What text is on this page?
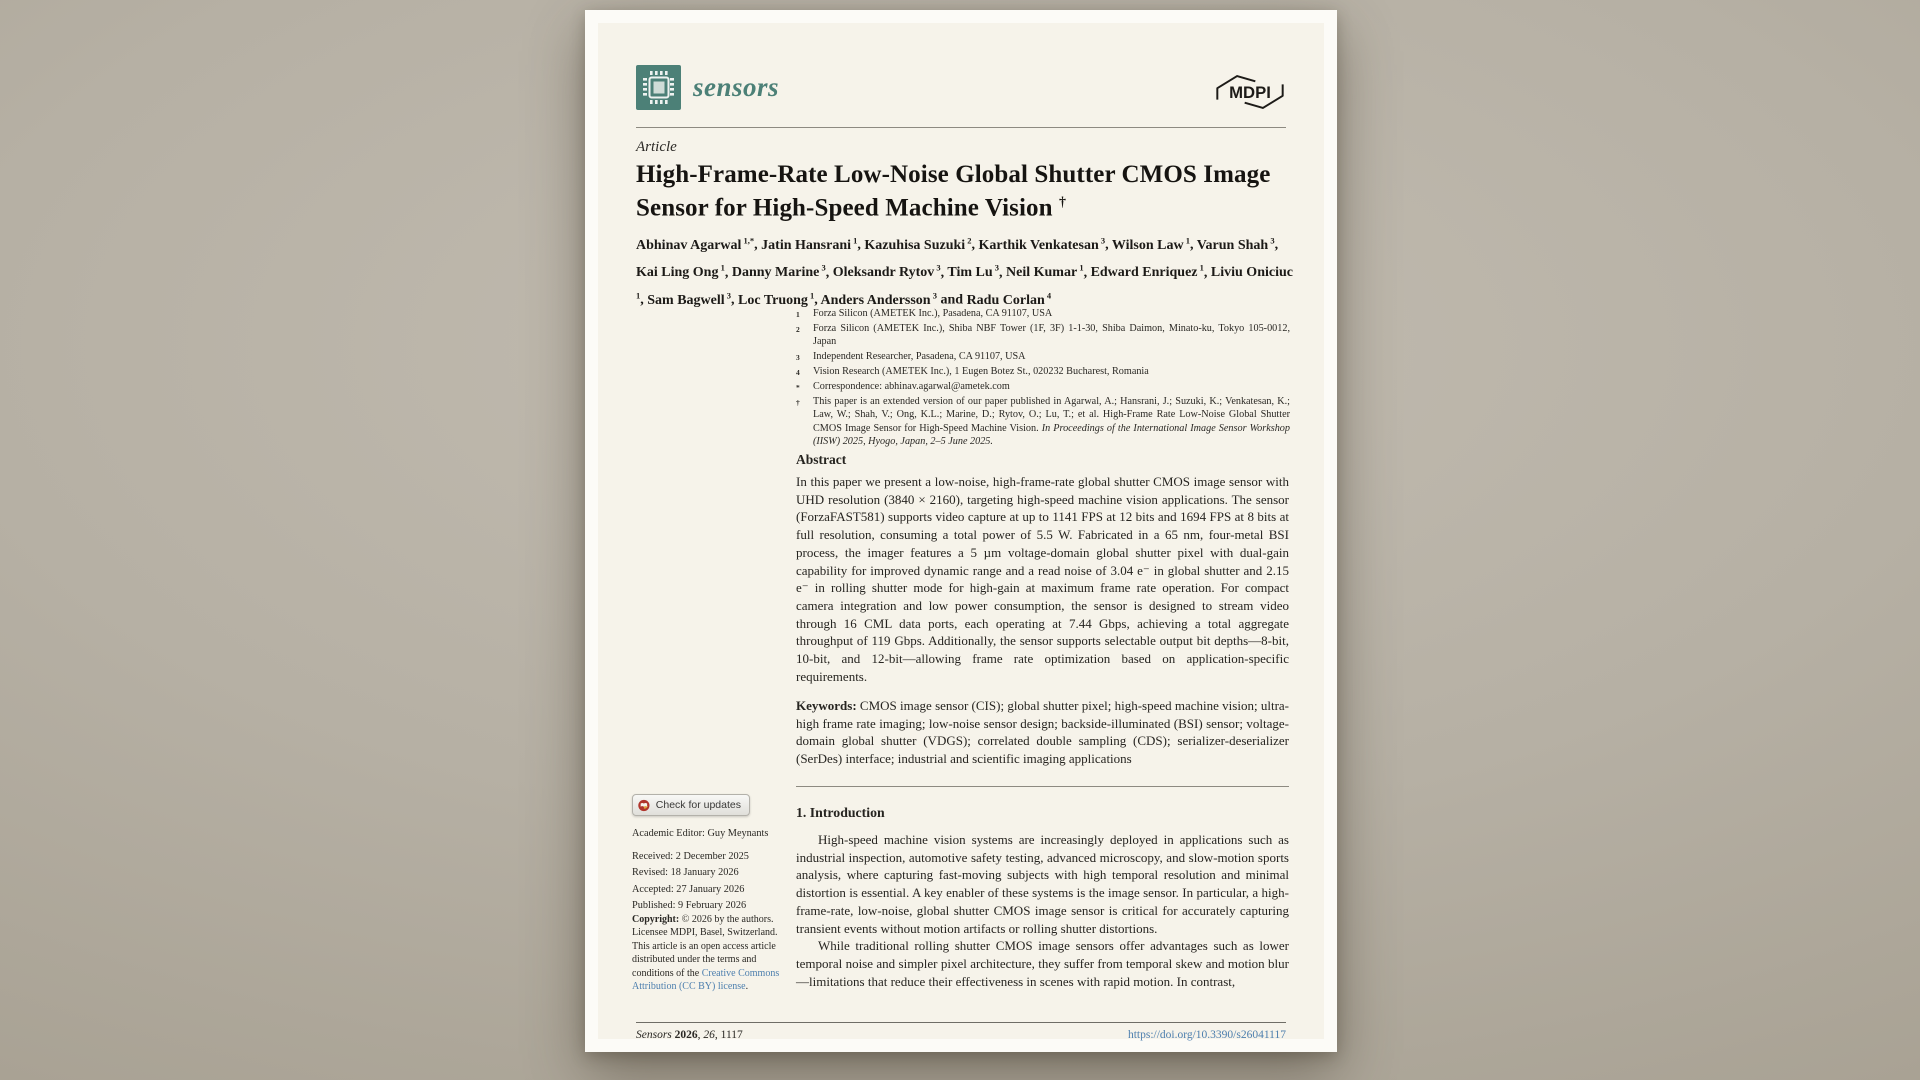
sensors	MDPI
Article
High-Frame-Rate Low-Noise Global Shutter CMOS Image Sensor for High-Speed Machine Vision †
Abhinav Agarwal $^{1,*}$, Jatin Hansrani $^1$, Kazuhisa Suzuki $^2$, Karthik Venkatesan $^3$, Wilson Law $^1$, Varun Shah $^3$, Kai Ling Ong $^1$, Danny Marine $^3$, Oleksandr Rytov $^3$, Tim Lu $^3$, Neil Kumar $^1$, Edward Enriquez $^1$, Liviu Oniciuc $^1$, Sam Bagwell $^3$, Loc Truong $^1$, Anders Andersson $^3$ and Radu Corlan $^4$
1	Forza Silicon (AMETEK Inc.), Pasadena, CA 91107, USA
2	Forza Silicon (AMETEK Inc.), Shiba NBF Tower (1F, 3F) 1-1-30, Shiba Daimon, Minato-ku, Tokyo 105-0012, Japan
3	Independent Researcher, Pasadena, CA 91107, USA
4	Vision Research (AMETEK Inc.), 1 Eugen Botez St., 020232 Bucharest, Romania
*	Correspondence: abhinav.agarwal@ametek.com
†	This paper is an extended version of our paper published in Agarwal, A.; Hansrani, J.; Suzuki, K.; Venkatesan, K.; Law, W.; Shah, V.; Ong, K.L.; Marine, D.; Rytov, O.; Lu, T.; et al. High-Frame Rate Low-Noise Global Shutter CMOS Image Sensor for High-Speed Machine Vision. In Proceedings of the International Image Sensor Workshop (IISW) 2025, Hyogo, Japan, 2–5 June 2025.
Abstract
In this paper we present a low-noise, high-frame-rate global shutter CMOS image sensor with UHD resolution (3840 × 2160), targeting high-speed machine vision applications. The sensor (ForzaFAST581) supports video capture at up to 1141 FPS at 12 bits and 1694 FPS at 8 bits at full resolution, consuming a total power of 5.5 W. Fabricated in a 65 nm, four-metal BSI process, the imager features a 5 µm voltage-domain global shutter pixel with dual-gain capability for improved dynamic range and a read noise of 3.04 e⁻ in global shutter and 2.15 e⁻ in rolling shutter mode for high-gain at maximum frame rate operation. For compact camera integration and low power consumption, the sensor is designed to stream video through 16 CML data ports, each operating at 7.44 Gbps, achieving a total aggregate throughput of 119 Gbps. Additionally, the sensor supports selectable output bit depths—8-bit, 10-bit, and 12-bit—allowing frame rate optimization based on application-specific requirements.
Keywords: CMOS image sensor (CIS); global shutter pixel; high-speed machine vision; ultra-high frame rate imaging; low-noise sensor design; backside-illuminated (BSI) sensor; voltage-domain global shutter (VDGS); correlated double sampling (CDS); serializer-deserializer (SerDes) interface; industrial and scientific imaging applications
1. Introduction

High-speed machine vision systems are increasingly deployed in applications such as industrial inspection, automotive safety testing, advanced microscopy, and slow-motion sports analysis, where capturing fast-moving subjects with high temporal resolution and minimal distortion is essential. A key enabler of these systems is the image sensor. In particular, a high-frame-rate, low-noise, global shutter CMOS image sensor is critical for accurately capturing transient events without motion artifacts or rolling shutter distortions.

While traditional rolling shutter CMOS image sensors offer advantages such as lower temporal noise and simpler pixel architecture, they suffer from temporal skew and motion blur—limitations that reduce their effectiveness in scenes with rapid motion. In contrast,

Check for updates
Academic Editor: Guy Meynants
Received: 2 December 2025
Revised: 18 January 2026
Accepted: 27 January 2026
Published: 9 February 2026
Copyright: © 2026 by the authors. Licensee MDPI, Basel, Switzerland. This article is an open access article distributed under the terms and conditions of the Creative Commons Attribution (CC BY) license.
Sensors 2026, 26, 1117	https://doi.org/10.3390/s26041117
